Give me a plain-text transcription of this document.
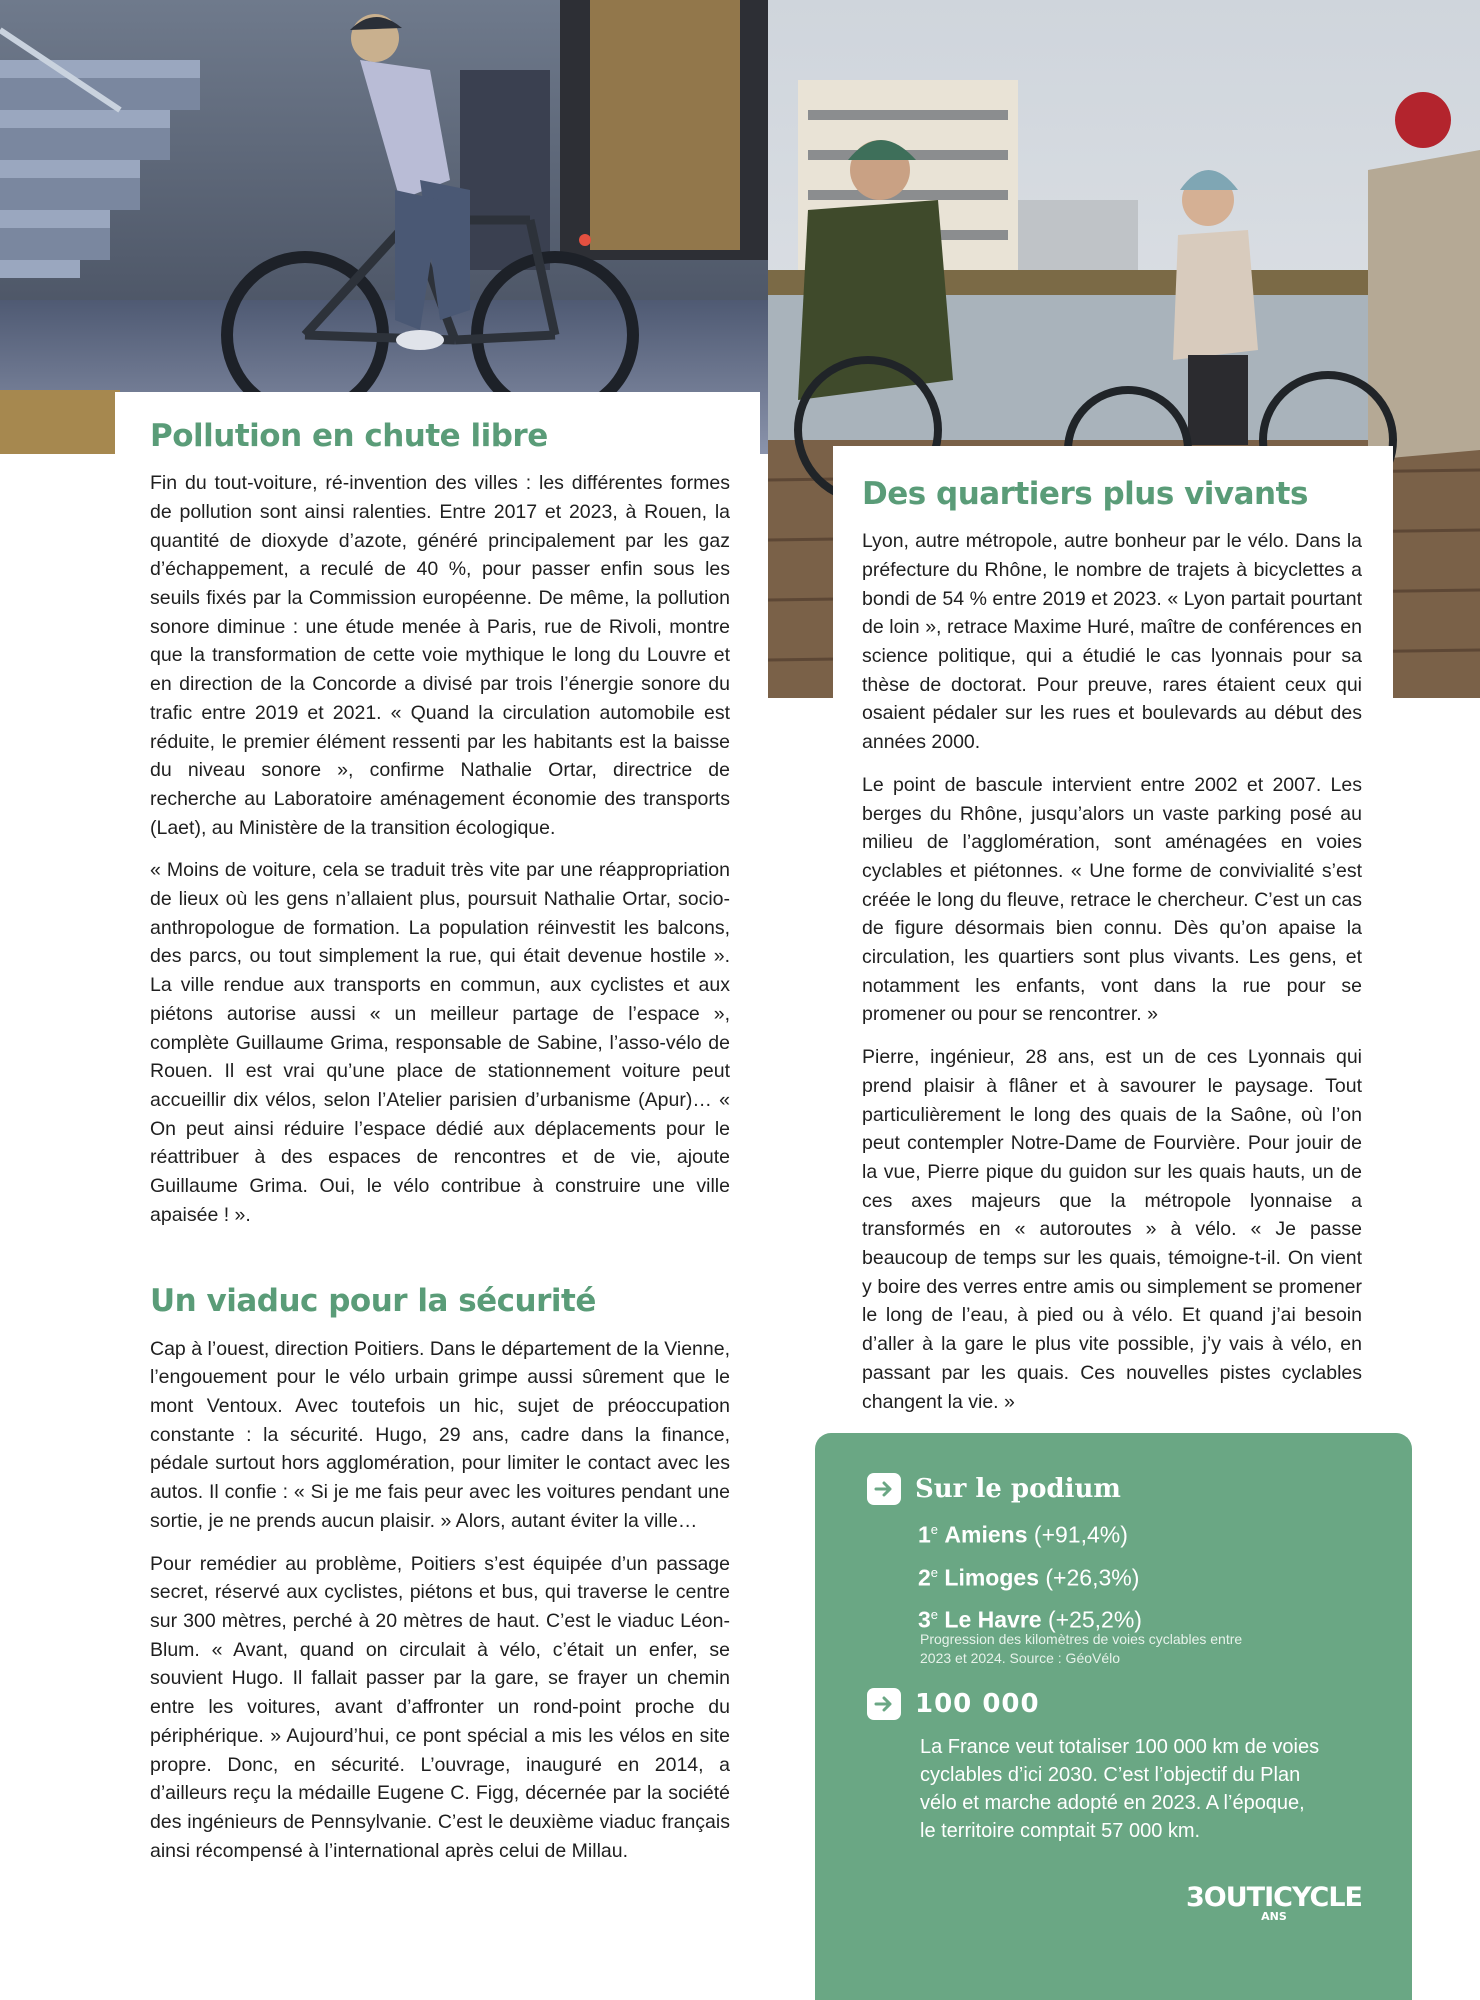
Pollution en chute libre

Fin du tout-voiture, ré-invention des villes : les différentes formes de pollution sont ainsi ralenties. Entre 2017 et 2023, à Rouen, la quantité de dioxyde d’azote, généré principalement par les gaz d’échappement, a reculé de 40 %, pour passer enfin sous les seuils fixés par la Commission européenne. De même, la pollution sonore diminue : une étude menée à Paris, rue de Rivoli, montre que la transformation de cette voie mythique le long du Louvre et en direction de la Concorde a divisé par trois l’énergie sonore du trafic entre 2019 et 2021. « Quand la circulation automobile est réduite, le premier élément ressenti par les habitants est la baisse du niveau sonore », confirme Nathalie Ortar, directrice de recherche au Laboratoire aménagement économie des transports (Laet), au Ministère de la transition écologique.

« Moins de voiture, cela se traduit très vite par une réappropriation de lieux où les gens n’allaient plus, poursuit Nathalie Ortar, socio-anthropologue de formation. La population réinvestit les balcons, des parcs, ou tout simplement la rue, qui était devenue hostile ». La ville rendue aux transports en commun, aux cyclistes et aux piétons autorise aussi « un meilleur partage de l’espace », complète Guillaume Grima, responsable de Sabine, l’asso-vélo de Rouen. Il est vrai qu’une place de stationnement voiture peut accueillir dix vélos, selon l’Atelier parisien d’urbanisme (Apur)… « On peut ainsi réduire l’espace dédié aux déplacements pour le réattribuer à des espaces de rencontres et de vie, ajoute Guillaume Grima. Oui, le vélo contribue à construire une ville apaisée ! ».

Un viaduc pour la sécurité

Cap à l’ouest, direction Poitiers. Dans le département de la Vienne, l’engouement pour le vélo urbain grimpe aussi sûrement que le mont Ventoux. Avec toutefois un hic, sujet de préoccupation constante : la sécurité. Hugo, 29 ans, cadre dans la finance, pédale surtout hors agglomération, pour limiter le contact avec les autos. Il confie : « Si je me fais peur avec les voitures pendant une sortie, je ne prends aucun plaisir. » Alors, autant éviter la ville…

Pour remédier au problème, Poitiers s’est équipée d’un passage secret, réservé aux cyclistes, piétons et bus, qui traverse le centre sur 300 mètres, perché à 20 mètres de haut. C’est le viaduc Léon-Blum. « Avant, quand on circulait à vélo, c’était un enfer, se souvient Hugo. Il fallait passer par la gare, se frayer un chemin entre les voitures, avant d’affronter un rond-point proche du périphérique. » Aujourd’hui, ce pont spécial a mis les vélos en site propre. Donc, en sécurité. L’ouvrage, inauguré en 2014, a d’ailleurs reçu la médaille Eugene C. Figg, décernée par la société des ingénieurs de Pennsylvanie. C’est le deuxième viaduc français ainsi récompensé à l’international après celui de Millau.

Des quartiers plus vivants

Lyon, autre métropole, autre bonheur par le vélo. Dans la préfecture du Rhône, le nombre de trajets à bicyclettes a bondi de 54 % entre 2019 et 2023. « Lyon partait pourtant de loin », retrace Maxime Huré, maître de conférences en science politique, qui a étudié le cas lyonnais pour sa thèse de doctorat. Pour preuve, rares étaient ceux qui osaient pédaler sur les rues et boulevards au début des années 2000.

Le point de bascule intervient entre 2002 et 2007. Les berges du Rhône, jusqu’alors un vaste parking posé au milieu de l’agglomération, sont aménagées en voies cyclables et piétonnes. « Une forme de convivialité s’est créée le long du fleuve, retrace le chercheur. C’est un cas de figure désormais bien connu. Dès qu’on apaise la circulation, les quartiers sont plus vivants. Les gens, et notamment les enfants, vont dans la rue pour se promener ou pour se rencontrer. »

Pierre, ingénieur, 28 ans, est un de ces Lyonnais qui prend plaisir à flâner et à savourer le paysage. Tout particulièrement le long des quais de la Saône, où l’on peut contempler Notre-Dame de Fourvière. Pour jouir de la vue, Pierre pique du guidon sur les quais hauts, un de ces axes majeurs que la métropole lyonnaise a transformés en « autoroutes » à vélo. « Je passe beaucoup de temps sur les quais, témoigne-t-il. On vient y boire des verres entre amis ou simplement se promener le long de l’eau, à pied ou à vélo. Et quand j’ai besoin d’aller à la gare le plus vite possible, j’y vais à vélo, en passant par les quais. Ces nouvelles pistes cyclables changent la vie. »

Sur le podium
1e Amiens (+91,4%)
2e Limoges (+26,3%)
3e Le Havre (+25,2%)
Progression des kilomètres de voies cyclables entre 2023 et 2024. Source : GéoVélo
100 000
La France veut totaliser 100 000 km de voies cyclables d’ici 2030. C’est l’objectif du Plan vélo et marche adopté en 2023. A l’époque, le territoire comptait 57 000 km.
3OUTICYCLE
ANS
